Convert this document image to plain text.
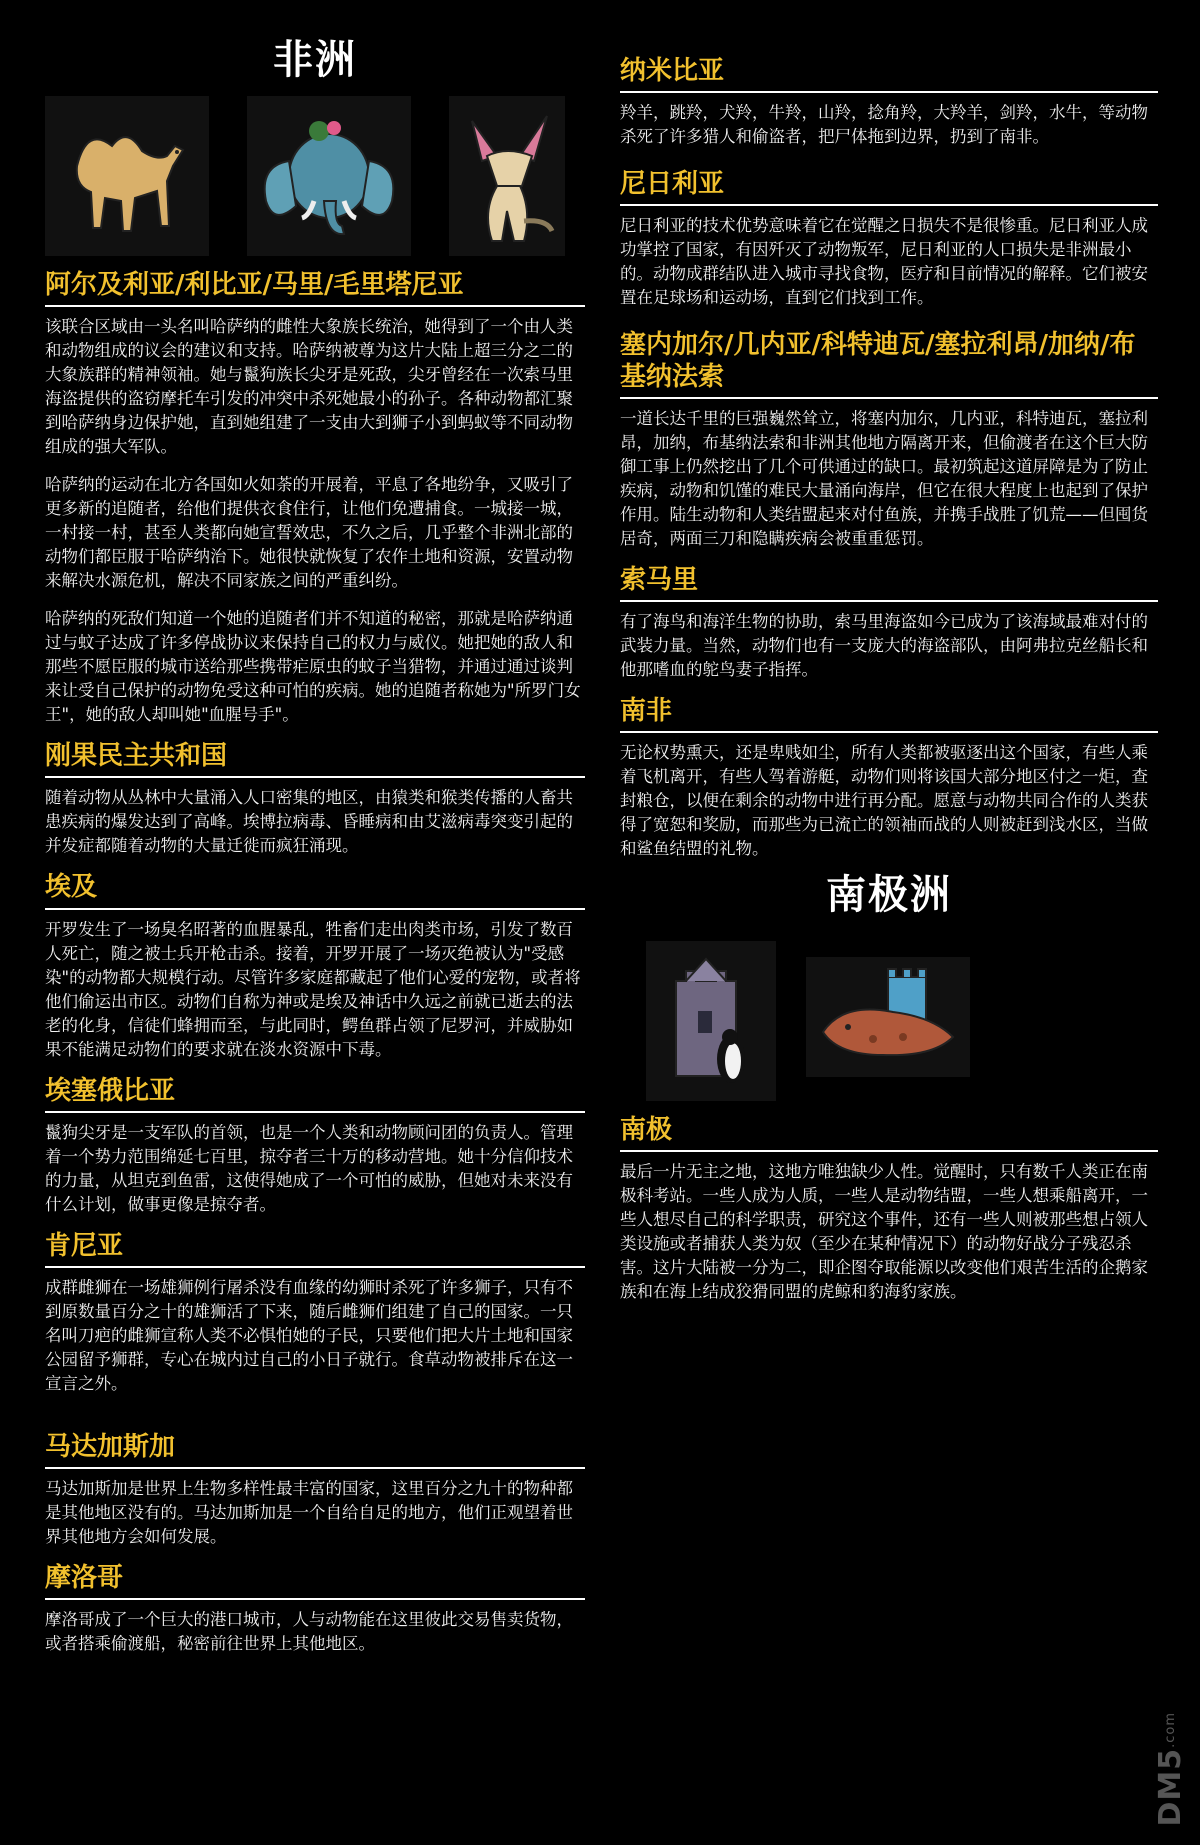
非洲
阿尔及利亚/利比亚/马里/毛里塔尼亚

该联合区域由一头名叫哈萨纳的雌性大象族长统治，她得到了一个由人类和动物组成的议会的建议和支持。哈萨纳被尊为这片大陆上超三分之二的大象族群的精神领袖。她与鬣狗族长尖牙是死敌，尖牙曾经在一次索马里海盗提供的盗窃摩托车引发的冲突中杀死她最小的孙子。各种动物都汇聚到哈萨纳身边保护她，直到她组建了一支由大到狮子小到蚂蚁等不同动物组成的强大军队。

哈萨纳的运动在北方各国如火如荼的开展着，平息了各地纷争，又吸引了更多新的追随者，给他们提供衣食住行，让他们免遭捕食。一城接一城，一村接一村，甚至人类都向她宣誓效忠，不久之后，几乎整个非洲北部的动物们都臣服于哈萨纳治下。她很快就恢复了农作土地和资源，安置动物来解决水源危机，解决不同家族之间的严重纠纷。

哈萨纳的死敌们知道一个她的追随者们并不知道的秘密，那就是哈萨纳通过与蚊子达成了许多停战协议来保持自己的权力与威仪。她把她的敌人和那些不愿臣服的城市送给那些携带疟原虫的蚊子当猎物，并通过通过谈判来让受自己保护的动物免受这种可怕的疾病。她的追随者称她为"所罗门女王"，她的敌人却叫她"血腥号手"。

刚果民主共和国

随着动物从丛林中大量涌入人口密集的地区，由猿类和猴类传播的人畜共患疾病的爆发达到了高峰。埃博拉病毒、昏睡病和由艾滋病毒突变引起的并发症都随着动物的大量迁徙而疯狂涌现。

埃及

开罗发生了一场臭名昭著的血腥暴乱，牲畜们走出肉类市场，引发了数百人死亡，随之被士兵开枪击杀。接着，开罗开展了一场灭绝被认为"受感染"的动物都大规模行动。尽管许多家庭都藏起了他们心爱的宠物，或者将他们偷运出市区。动物们自称为神或是埃及神话中久远之前就已逝去的法老的化身，信徒们蜂拥而至，与此同时，鳄鱼群占领了尼罗河，并威胁如果不能满足动物们的要求就在淡水资源中下毒。

埃塞俄比亚

鬣狗尖牙是一支军队的首领，也是一个人类和动物顾问团的负责人。管理着一个势力范围绵延七百里，掠夺者三十万的移动营地。她十分信仰技术的力量，从坦克到鱼雷，这使得她成了一个可怕的威胁，但她对未来没有什么计划，做事更像是掠夺者。

肯尼亚

成群雌狮在一场雄狮例行屠杀没有血缘的幼狮时杀死了许多狮子，只有不到原数量百分之十的雄狮活了下来，随后雌狮们组建了自己的国家。一只名叫刀疤的雌狮宣称人类不必惧怕她的子民，只要他们把大片土地和国家公园留予狮群，专心在城内过自己的小日子就行。食草动物被排斥在这一宣言之外。

马达加斯加

马达加斯加是世界上生物多样性最丰富的国家，这里百分之九十的物种都是其他地区没有的。马达加斯加是一个自给自足的地方，他们正观望着世界其他地方会如何发展。

摩洛哥

摩洛哥成了一个巨大的港口城市，人与动物能在这里彼此交易售卖货物，或者搭乘偷渡船，秘密前往世界上其他地区。

纳米比亚

羚羊，跳羚，犬羚，牛羚，山羚，捻角羚，大羚羊，剑羚，水牛，等动物杀死了许多猎人和偷盗者，把尸体拖到边界，扔到了南非。

尼日利亚

尼日利亚的技术优势意味着它在觉醒之日损失不是很惨重。尼日利亚人成功掌控了国家，有因歼灭了动物叛军，尼日利亚的人口损失是非洲最小的。动物成群结队进入城市寻找食物，医疗和目前情况的解释。它们被安置在足球场和运动场，直到它们找到工作。

塞内加尔/几内亚/科特迪瓦/塞拉利昂/加纳/布基纳法索

一道长达千里的巨强巍然耸立，将塞内加尔，几内亚，科特迪瓦，塞拉利昂，加纳，布基纳法索和非洲其他地方隔离开来，但偷渡者在这个巨大防御工事上仍然挖出了几个可供通过的缺口。最初筑起这道屏障是为了防止疾病，动物和饥馑的难民大量涌向海岸，但它在很大程度上也起到了保护作用。陆生动物和人类结盟起来对付鱼族，并携手战胜了饥荒——但囤货居奇，两面三刀和隐瞒疾病会被重重惩罚。

索马里

有了海鸟和海洋生物的协助，索马里海盗如今已成为了该海域最难对付的武装力量。当然，动物们也有一支庞大的海盗部队，由阿弗拉克丝船长和他那嗜血的鸵鸟妻子指挥。

南非

无论权势熏天，还是卑贱如尘，所有人类都被驱逐出这个国家，有些人乘着飞机离开，有些人驾着游艇，动物们则将该国大部分地区付之一炬，查封粮仓，以便在剩余的动物中进行再分配。愿意与动物共同合作的人类获得了宽恕和奖励，而那些为已流亡的领袖而战的人则被赶到浅水区，当做和鲨鱼结盟的礼物。

南极洲
南极

最后一片无主之地，这地方唯独缺少人性。觉醒时，只有数千人类正在南极科考站。一些人成为人质，一些人是动物结盟，一些人想乘船离开，一些人想尽自己的科学职责，研究这个事件，还有一些人则被那些想占领人类设施或者捕获人类为奴（至少在某种情况下）的动物好战分子残忍杀害。这片大陆被一分为二，即企图夺取能源以改变他们艰苦生活的企鹅家族和在海上结成狡猾同盟的虎鲸和豹海豹家族。

DM5.com
